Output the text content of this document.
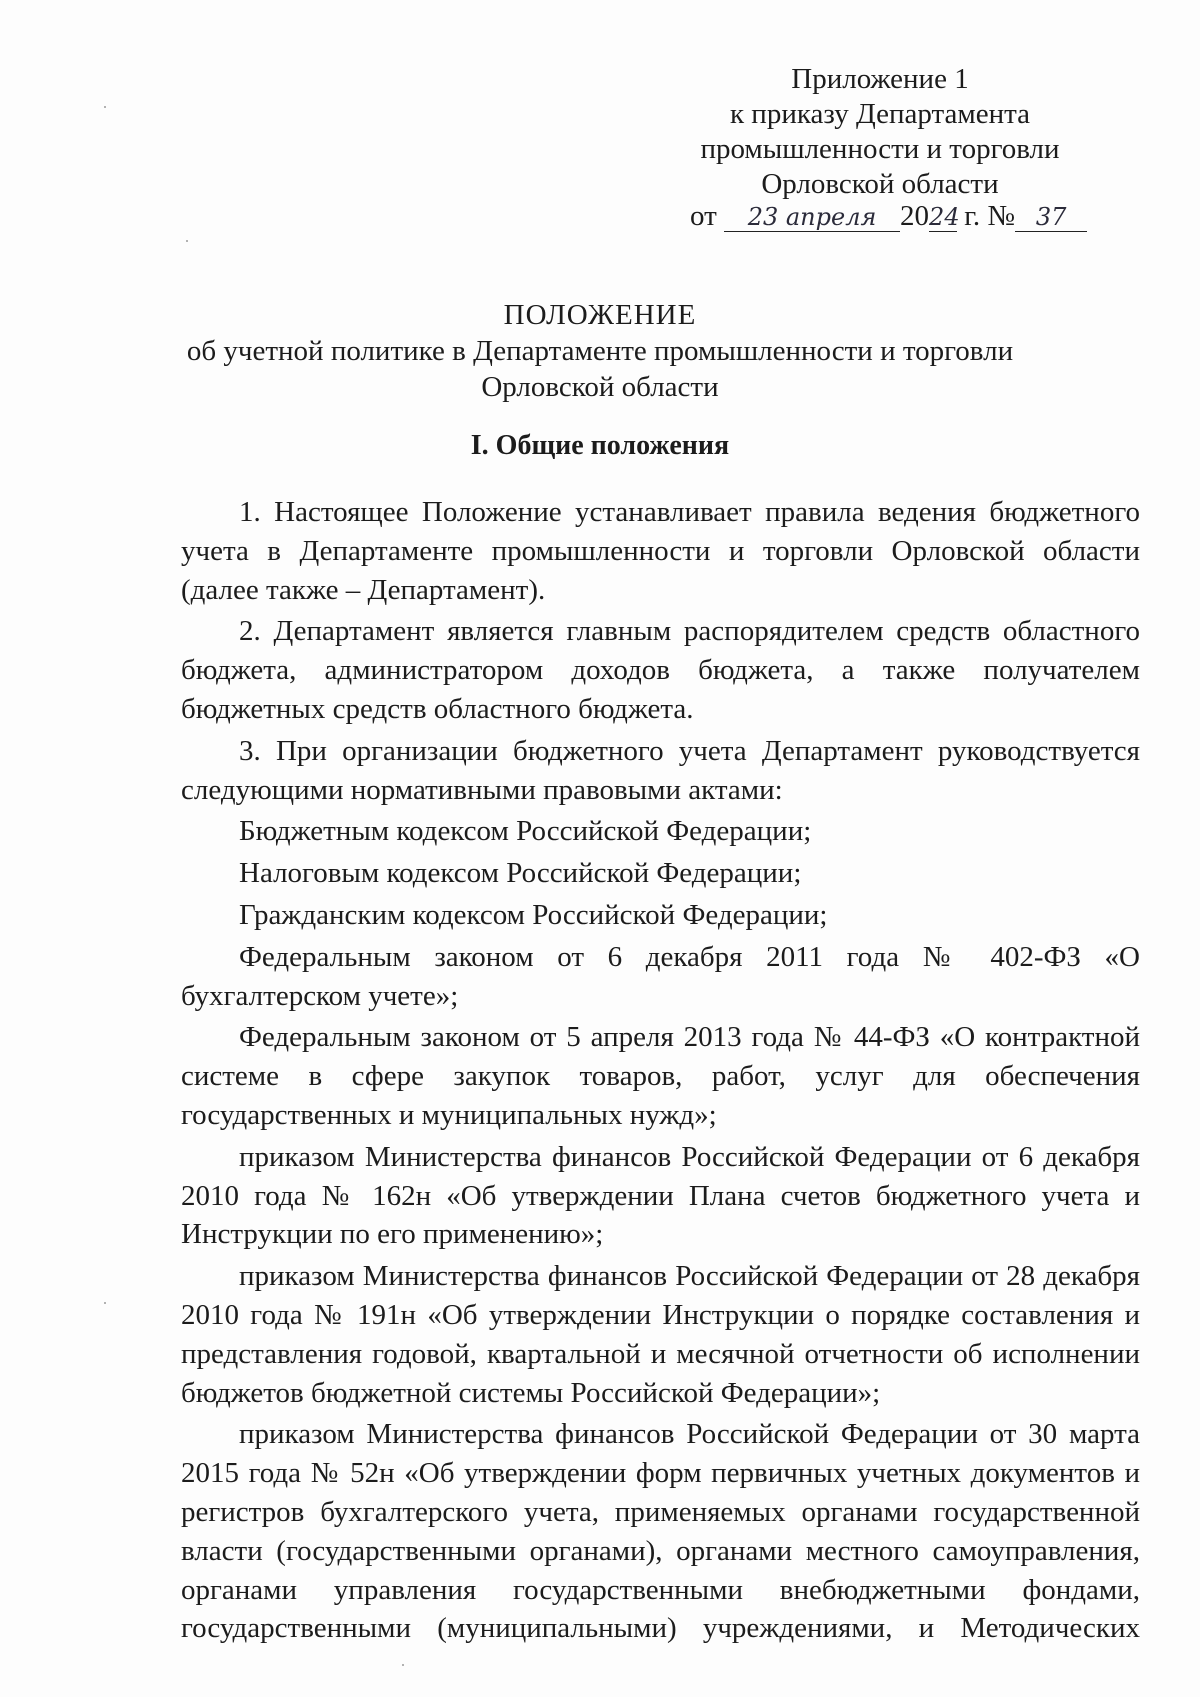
Приложение 1
к приказу Департамента
промышленности и торговли
Орловской области
от 23 апреля 2024 г. № 37
ПОЛОЖЕНИЕ
об учетной политике в Департаменте промышленности и торговли
Орловской области
I. Общие положения

1. Настоящее Положение устанавливает правила ведения бюджетного учета в Департаменте промышленности и торговли Орловской области (далее также – Департамент).

2. Департамент является главным распорядителем средств областного бюджета, администратором доходов бюджета, а также получателем бюджетных средств областного бюджета.

3. При организации бюджетного учета Департамент руководствуется следующими нормативными правовыми актами:

Бюджетным кодексом Российской Федерации;

Налоговым кодексом Российской Федерации;

Гражданским кодексом Российской Федерации;

Федеральным законом от 6 декабря 2011 года № 402-ФЗ «О бухгалтерском учете»;

Федеральным законом от 5 апреля 2013 года № 44-ФЗ «О контрактной системе в сфере закупок товаров, работ, услуг для обеспечения государственных и муниципальных нужд»;

приказом Министерства финансов Российской Федерации от 6 декабря 2010 года № 162н «Об утверждении Плана счетов бюджетного учета и Инструкции по его применению»;

приказом Министерства финансов Российской Федерации от 28 декабря 2010 года № 191н «Об утверждении Инструкции о порядке составления и представления годовой, квартальной и месячной отчетности об исполнении бюджетов бюджетной системы Российской Федерации»;

приказом Министерства финансов Российской Федерации от 30 марта 2015 года № 52н «Об утверждении форм первичных учетных документов и регистров бухгалтерского учета, применяемых органами государственной власти (государственными органами), органами местного самоуправления, органами управления государственными внебюджетными фондами, государственными (муниципальными) учреждениями, и Методических
